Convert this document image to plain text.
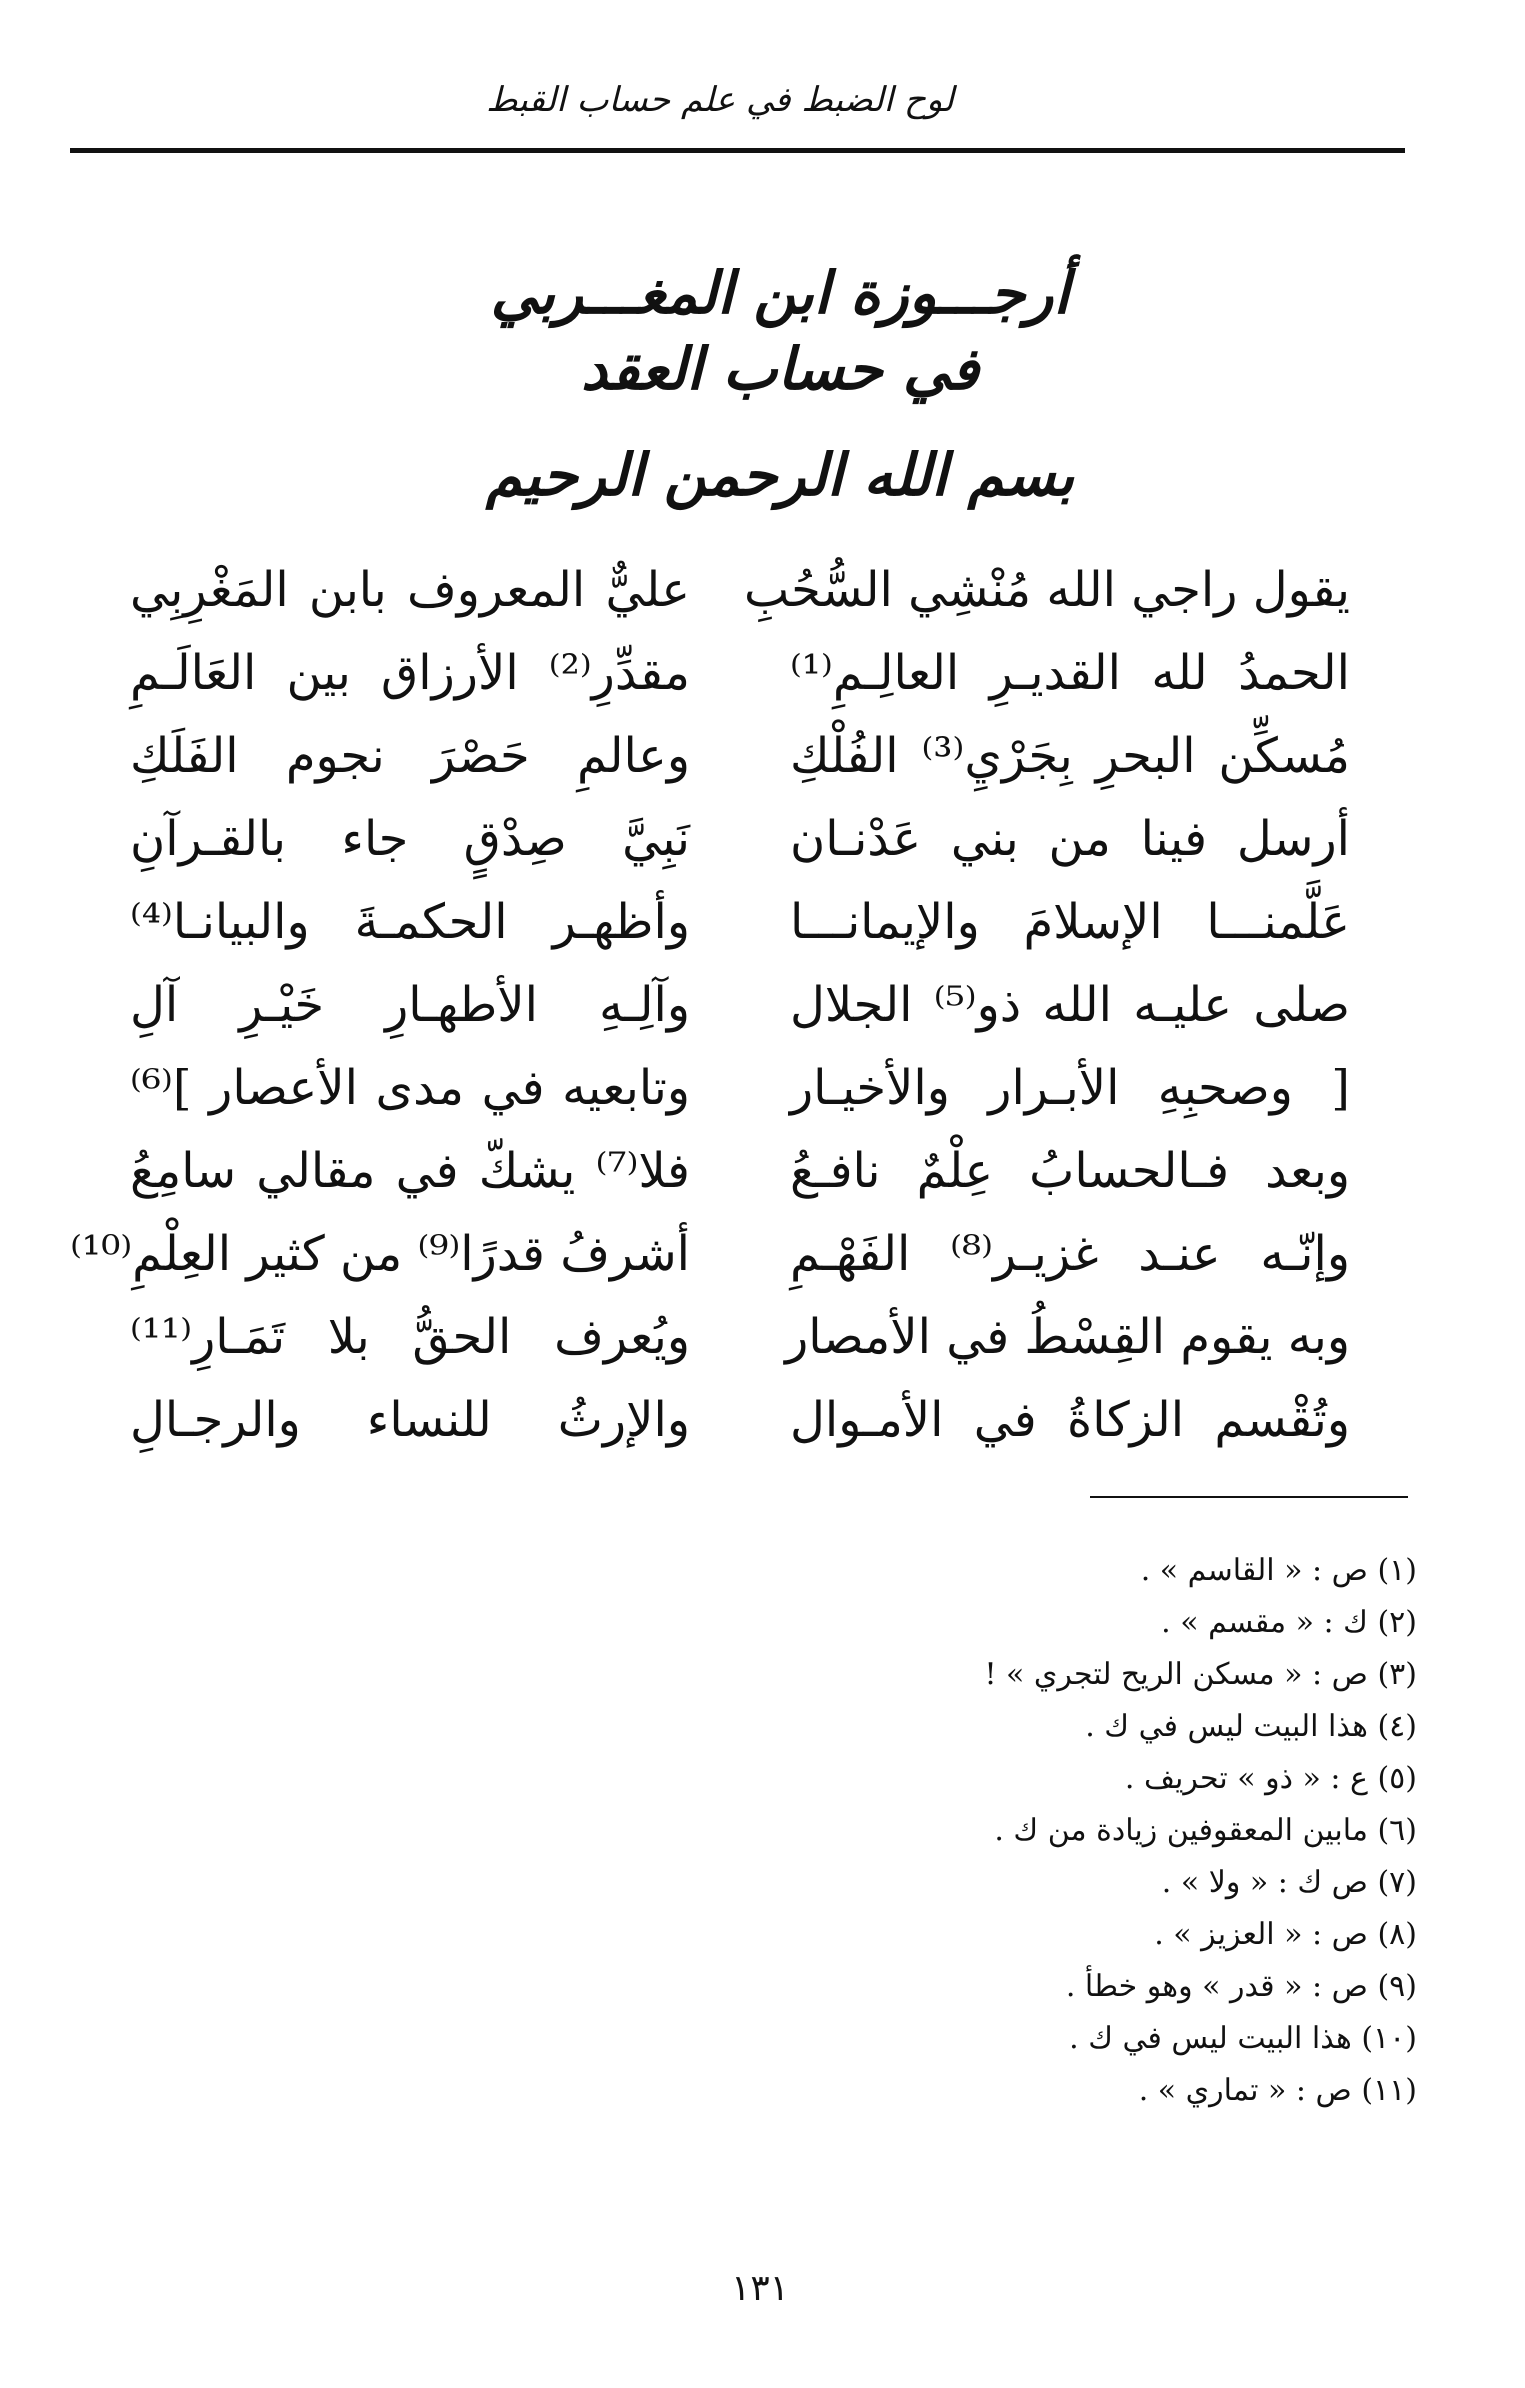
لوح الضبط في علم حساب القبط
أرجـــوزة ابن المغـــربي
في حساب العقد
بسم الله الرحمن الرحيم
يقول راجي الله مُنْشِي السُّحُبِ
عليٌّ المعروف بابن المَغْرِبِي
الحمدُ لله القديـرِ العالِـمِ⁽¹⁾
مقدِّرِ⁽²⁾ الأرزاق بين العَالَـمِ
مُسكِّن البحرِ بِجَرْيِ⁽³⁾ الفُلْكِ
وعالمِ حَصْرَ نجوم الفَلَكِ
أرسل فينا من بني عَدْنـان
نَبِيَّ صِدْقٍ جاء بالقـرآنِ
عَلَّمنـــا الإسلامَ والإيمانـــا
وأظهـر الحكمـةَ والبيانـا⁽⁴⁾
صلى عليـه الله ذو⁽⁵⁾ الجلال
وآلِـهِ الأطهـارِ خَيْـرِ آلِ
[ وصحبِهِ الأبـرار والأخيـار
وتابعيه في مدى الأعصار ]⁽⁶⁾
وبعد فـالحسابُ عِلْمٌ نافـعُ
فلا⁽⁷⁾ يشكّ في مقالي سامِعُ
وإنّـه عنـد غزيـر⁽⁸⁾ الفَهْـمِ
أشرفُ قدرًا⁽⁹⁾ من كثير العِلْمِ⁽¹⁰⁾
وبه يقوم القِسْطُ في الأمصار
ويُعرف الحقُّ بلا تَمَـارِ⁽¹¹⁾
وتُقْسم الزكاةُ في الأمـوال
والإرثُ للنساء والرجـالِ
(١) ص : « القاسم » .
(٢) ك : « مقسم » .
(٣) ص : « مسكن الريح لتجري » !
(٤) هذا البيت ليس في ك .
(٥) ع : « ذو » تحريف .
(٦) مابين المعقوفين زيادة من ك .
(٧) ص ك : « ولا » .
(٨) ص : « العزيز » .
(٩) ص : « قدر » وهو خطأ .
(١٠) هذا البيت ليس في ك .
(١١) ص : « تماري » .
١٣١
